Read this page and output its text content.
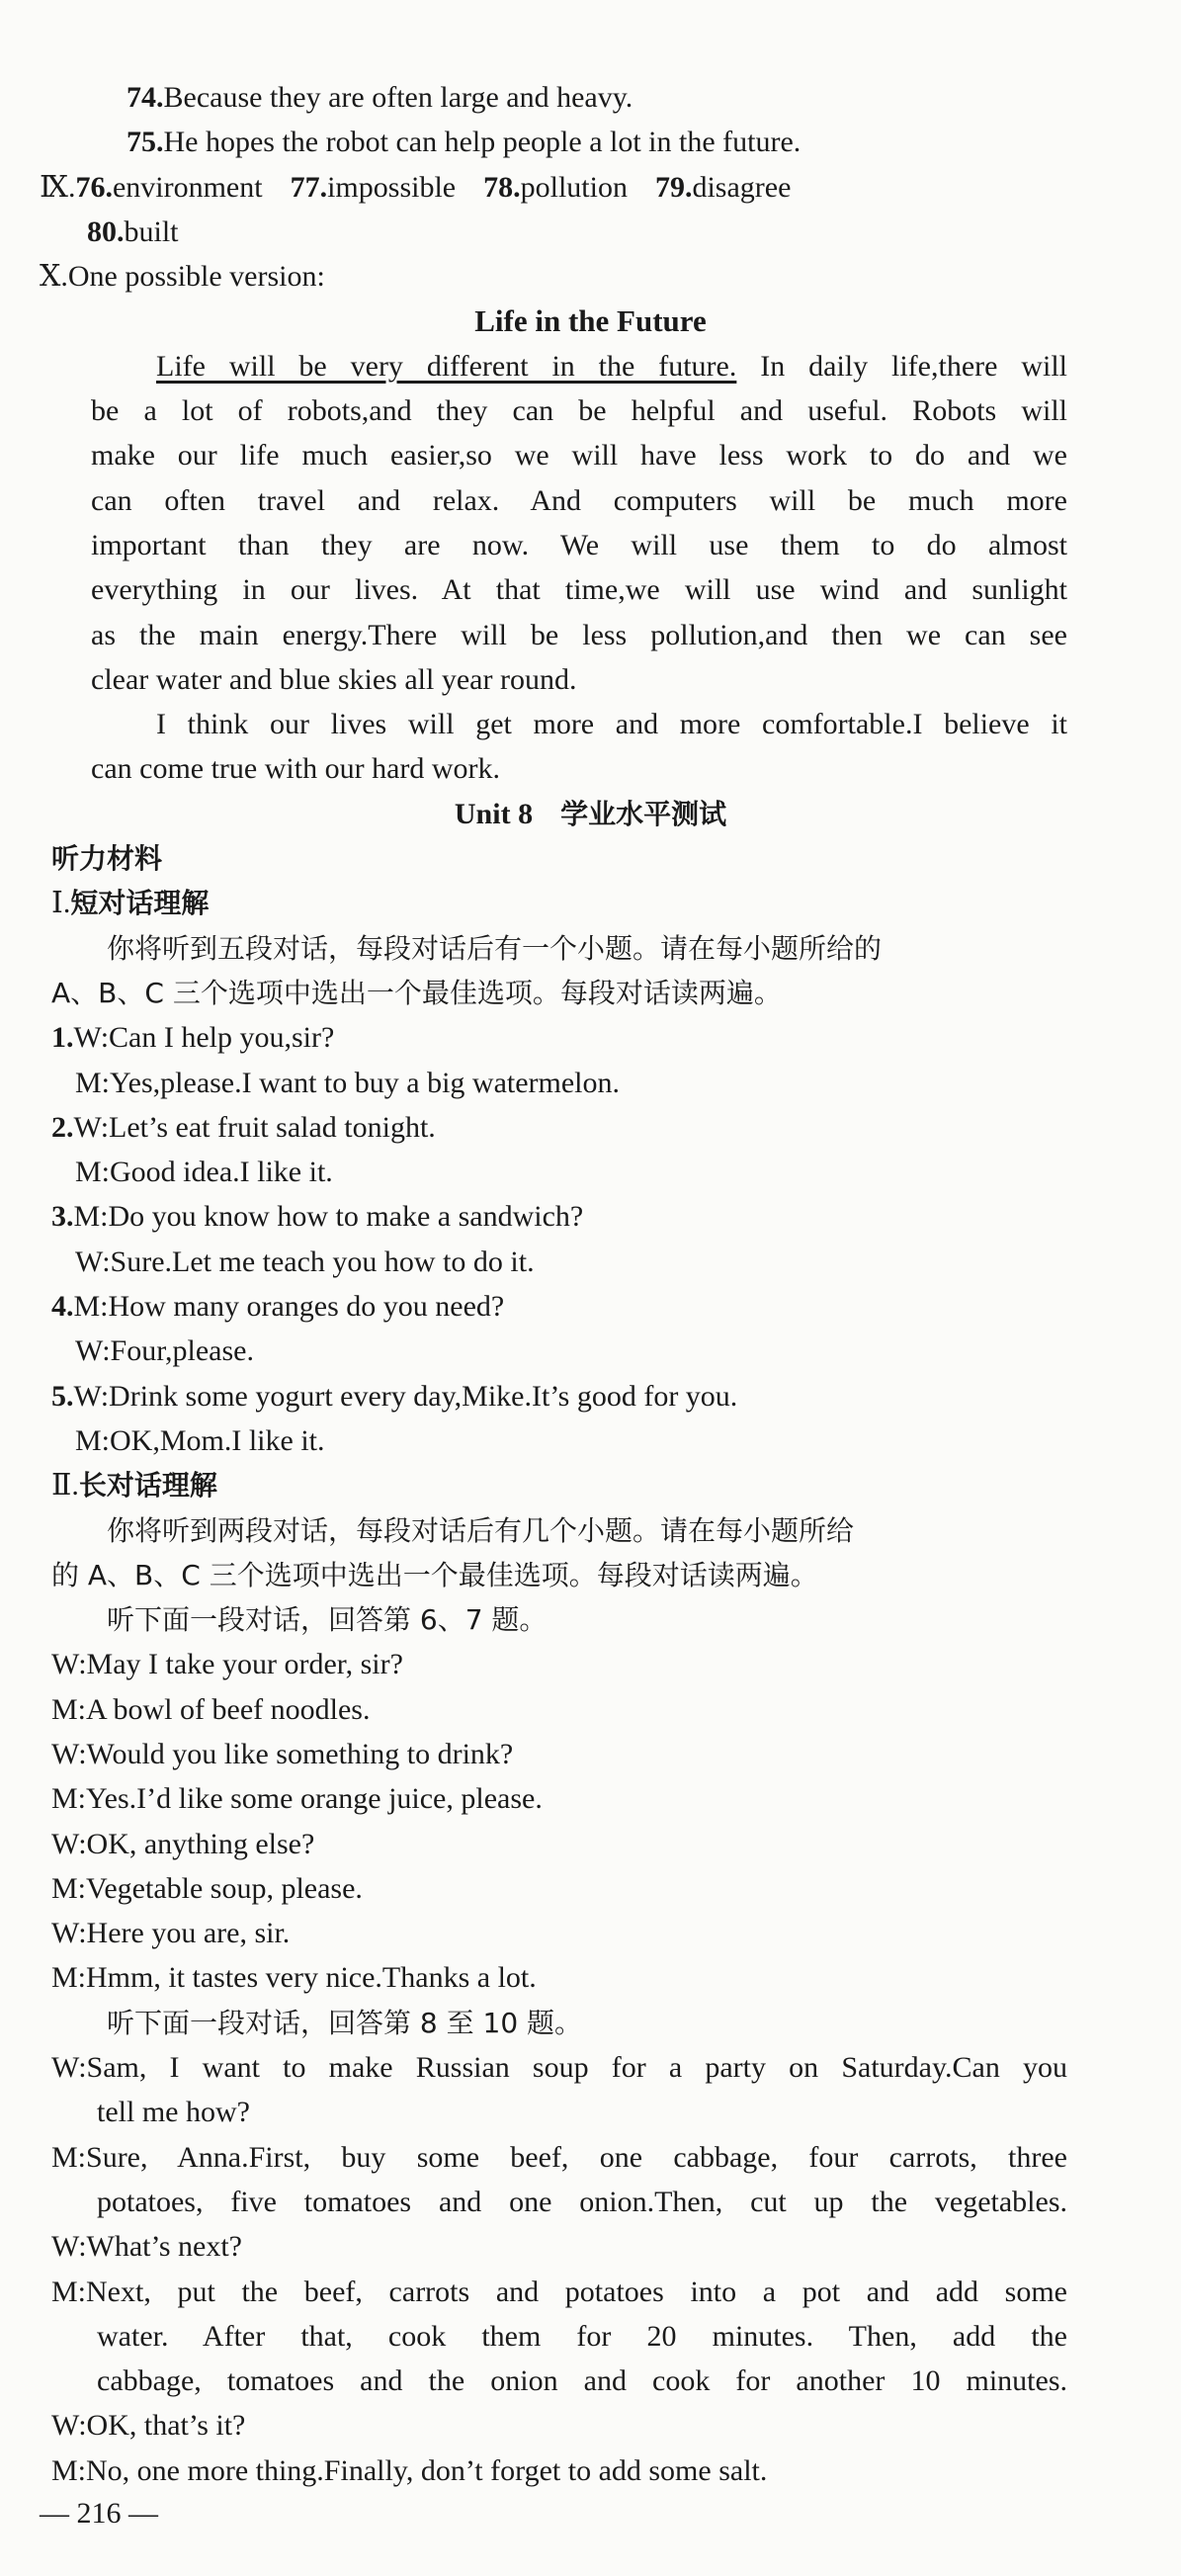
74.Because they are often large and heavy.
75.He hopes the robot can help people a lot in the future.
Ⅸ.76.environment 77.impossible 78.pollution 79.disagree
80.built
Ⅹ.One possible version:
Life in the Future
Life will be very different in the future. In daily life,there will
be a lot of robots,and they can be helpful and useful. Robots will
make our life much easier,so we will have less work to do and we
can often travel and relax. And computers will be much more
important than they are now. We will use them to do almost
everything in our lives. At that time,we will use wind and sunlight
as the main energy.There will be less pollution,and then we can see
clear water and blue skies all year round.
I think our lives will get more and more comfortable.I believe it
can come true with our hard work.
Unit 8 学业水平测试
听力材料
Ⅰ.短对话理解
你将听到五段对话，每段对话后有一个小题。请在每小题所给的
A、B、C 三个选项中选出一个最佳选项。每段对话读两遍。
1.W:Can I help you,sir?
M:Yes,please.I want to buy a big watermelon.
2.W:Let’s eat fruit salad tonight.
M:Good idea.I like it.
3.M:Do you know how to make a sandwich?
W:Sure.Let me teach you how to do it.
4.M:How many oranges do you need?
W:Four,please.
5.W:Drink some yogurt every day,Mike.It’s good for you.
M:OK,Mom.I like it.
Ⅱ.长对话理解
你将听到两段对话，每段对话后有几个小题。请在每小题所给
的 A、B、C 三个选项中选出一个最佳选项。每段对话读两遍。
听下面一段对话，回答第 6、7 题。
W:May I take your order, sir?
M:A bowl of beef noodles.
W:Would you like something to drink?
M:Yes.I’d like some orange juice, please.
W:OK, anything else?
M:Vegetable soup, please.
W:Here you are, sir.
M:Hmm, it tastes very nice.Thanks a lot.
听下面一段对话，回答第 8 至 10 题。
W:Sam, I want to make Russian soup for a party on Saturday.Can you
tell me how?
M:Sure, Anna.First, buy some beef, one cabbage, four carrots, three
potatoes, five tomatoes and one onion.Then, cut up the vegetables.
W:What’s next?
M:Next, put the beef, carrots and potatoes into a pot and add some
water. After that, cook them for 20 minutes. Then, add the
cabbage, tomatoes and the onion and cook for another 10 minutes.
W:OK, that’s it?
M:No, one more thing.Finally, don’t forget to add some salt.
— 216 —
